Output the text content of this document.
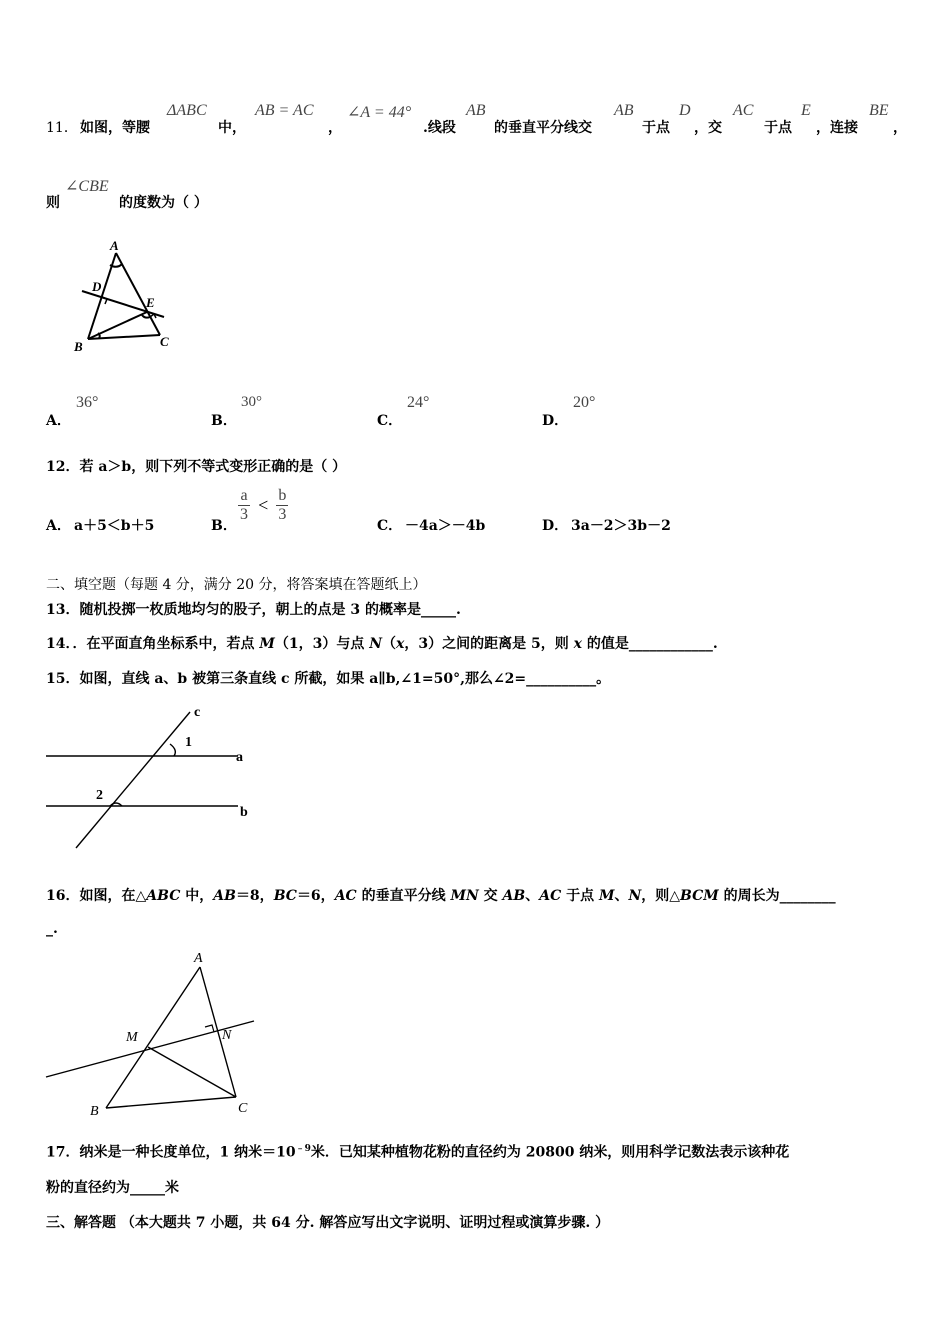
11． 如图，等腰
ΔABC
中，
AB = AC
，
∠A = 44°
.线段
AB
的垂直平分线交
AB
于点
D
，交
AC
于点
E
，连接
BE
，
则
∠CBE
的度数为（ ）
A
D
E
B	C
A．
36°
B．
30°
C．
24°
D．
20°
12．若 a＞b，则下列不等式变形正确的是（ ）
A． a＋5＜b＋5	B．
$\frac{a}{3} < \frac{b}{3}$
C． －4a＞－4b	D． 3a－2＞3b－2
二、填空题（每题 4 分，满分 20 分，将答案填在答题纸上）
13．随机投掷一枚质地均匀的股子，朝上的点是 3 的概率是_____.
14．．在平面直角坐标系中，若点 M（1，3）与点 N（x，3）之间的距离是 5，则 x 的值是____________.
15．如图，直线 a、b 被第三条直线 c 所截，如果 a∥b,∠1=50°,那么∠2=__________。
c
1
a
2
b
16．如图，在△ABC 中，AB＝8，BC＝6，AC 的垂直平分线 MN 交 AB、AC 于点 M、N，则△BCM 的周长为________
_.
A
M	N
B	C
17．纳米是一种长度单位，1 纳米$=10^{﹣9}$米．已知某种植物花粉的直径约为 20800 纳米，则用科学记数法表示该种花
粉的直径约为_____米
三、解答题 （本大题共 7 小题，共 64 分. 解答应写出文字说明、证明过程或演算步骤. ）
